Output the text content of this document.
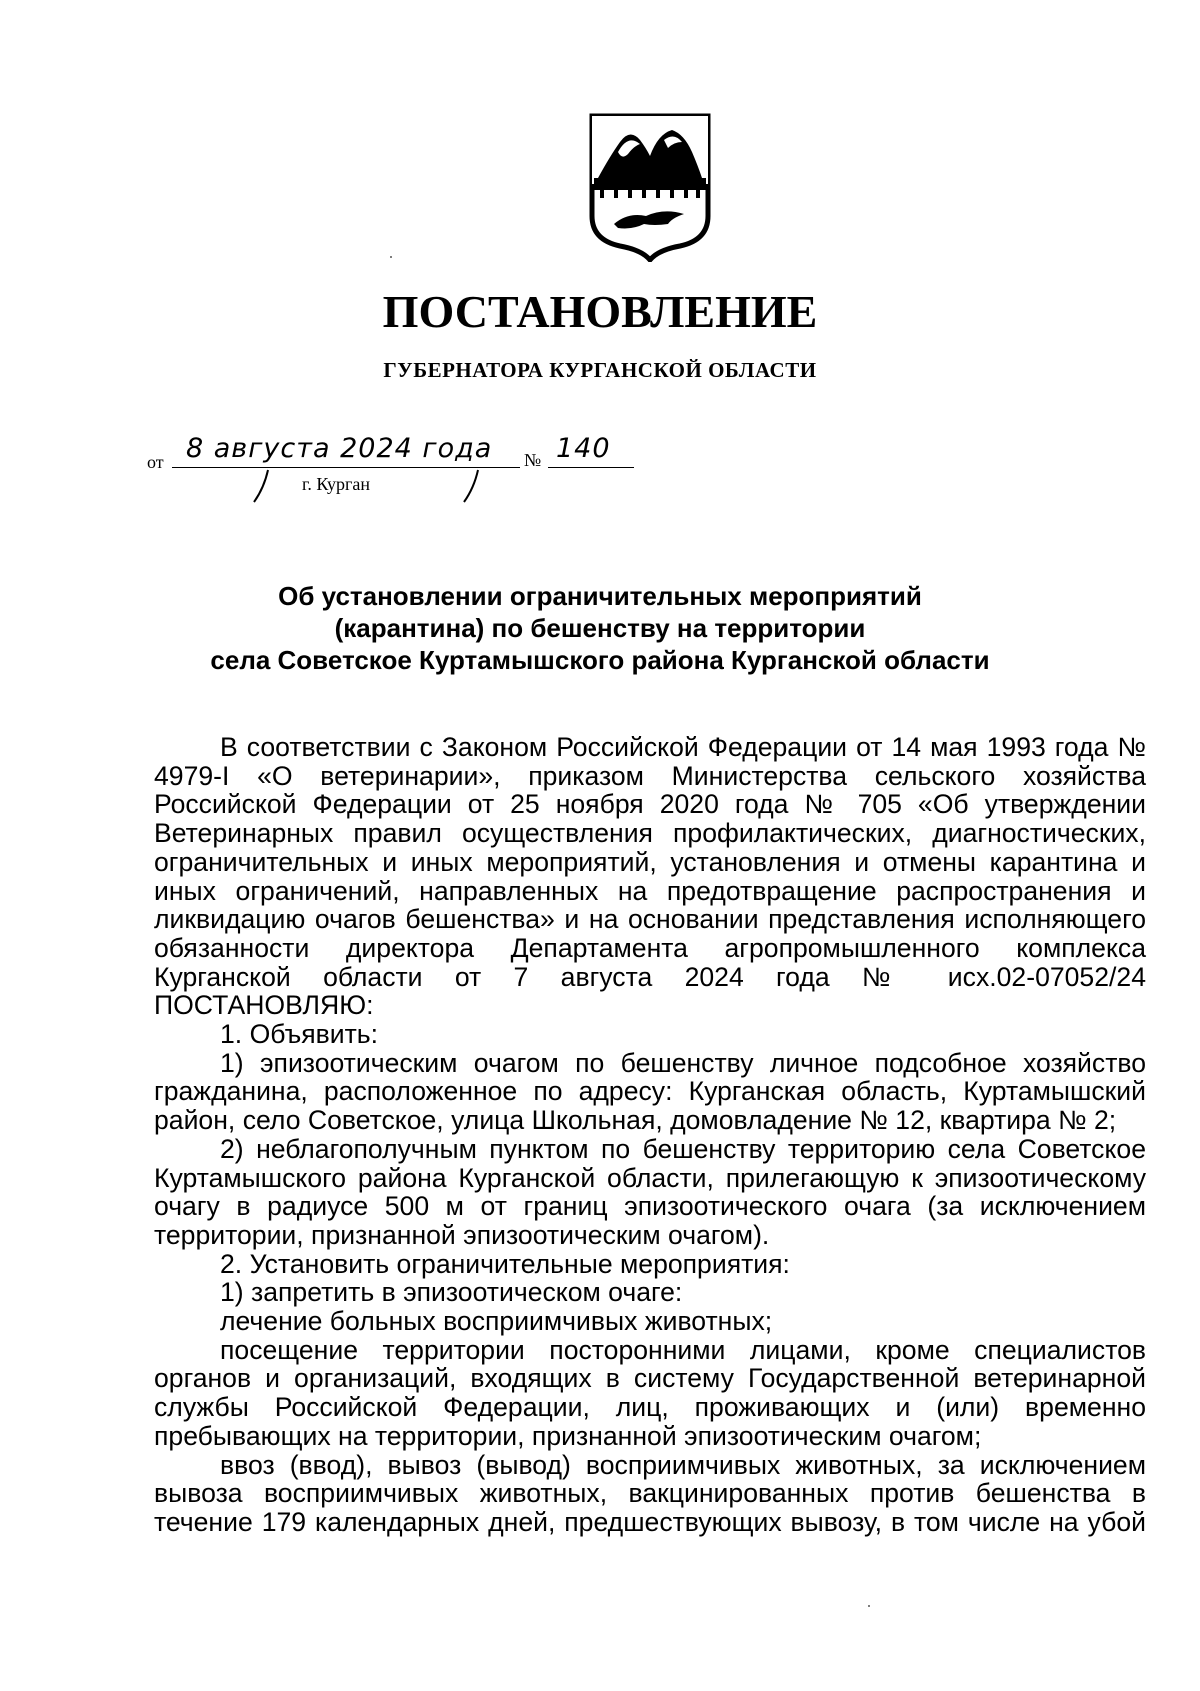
ПОСТАНОВЛЕНИЕ
ГУБЕРНАТОРА КУРГАНСКОЙ ОБЛАСТИ
от 8 августа 2024 года № 140
г. Курган
Об установлении ограничительных мероприятий
(карантина) по бешенству на территории
села Советское Куртамышского района Курганской области

В соответствии с Законом Российской Федерации от 14 мая 1993 года № 4979-I «О ветеринарии», приказом Министерства сельского хозяйства Российской Федерации от 25 ноября 2020 года № 705 «Об утверждении Ветеринарных правил осуществления профилактических, диагностических, ограничительных и иных мероприятий, установления и отмены карантина и иных ограничений, направленных на предотвращение распространения и ликвидацию очагов бешенства» и на основании представления исполняющего обязанности директора Департамента агропромышленного комплекса Курганской области от 7 августа 2024 года № исх.02-07052/24 ПОСТАНОВЛЯЮ:

1. Объявить:

1) эпизоотическим очагом по бешенству личное подсобное хозяйство гражданина, расположенное по адресу: Курганская область, Куртамышский район, село Советское, улица Школьная, домовладение № 12, квартира № 2;

2) неблагополучным пунктом по бешенству территорию села Советское Куртамышского района Курганской области, прилегающую к эпизоотическому очагу в радиусе 500 м от границ эпизоотического очага (за исключением территории, признанной эпизоотическим очагом).

2. Установить ограничительные мероприятия:

1) запретить в эпизоотическом очаге:

лечение больных восприимчивых животных;

посещение территории посторонними лицами, кроме специалистов органов и организаций, входящих в систему Государственной ветеринарной службы Российской Федерации, лиц, проживающих и (или) временно пребывающих на территории, признанной эпизоотическим очагом;

ввоз (ввод), вывоз (вывод) восприимчивых животных, за исключением вывоза восприимчивых животных, вакцинированных против бешенства в течение 179 календарных дней, предшествующих вывозу, в том числе на убой
